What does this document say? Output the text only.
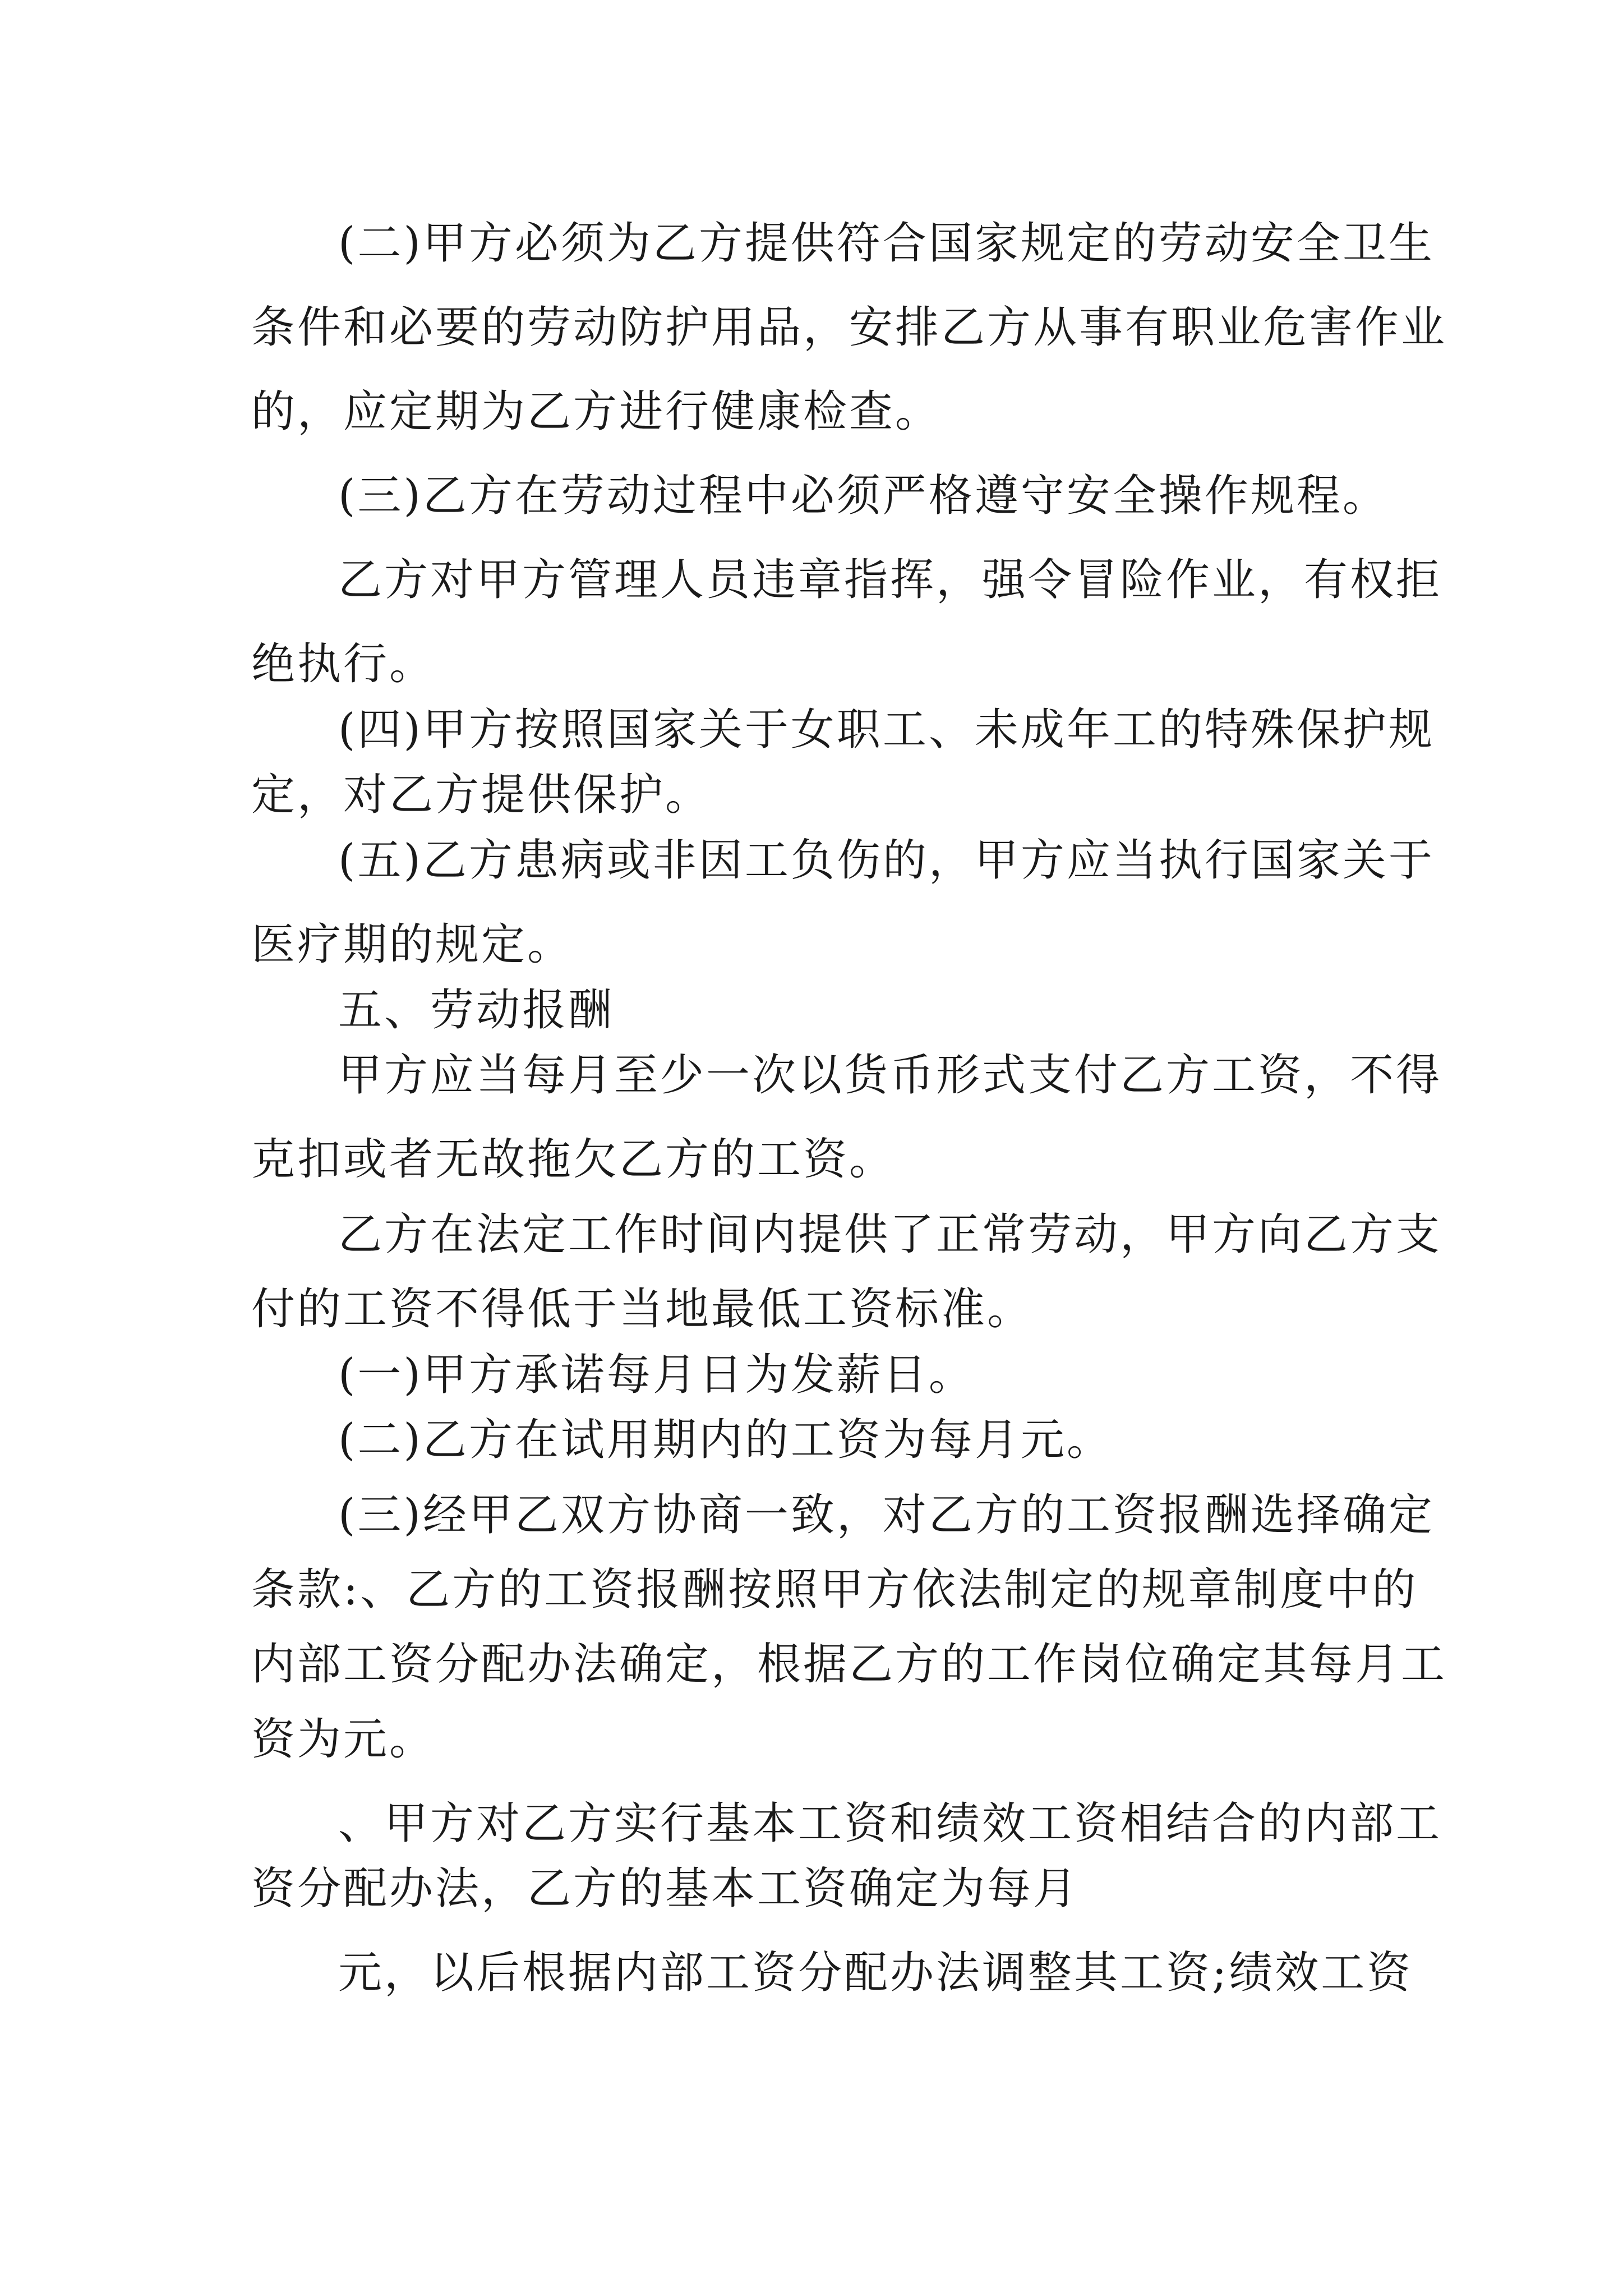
(二)甲方必须为乙方提供符合国家规定的劳动安全卫生
条件和必要的劳动防护用品，安排乙方从事有职业危害作业
的，应定期为乙方进行健康检查。
(三)乙方在劳动过程中必须严格遵守安全操作规程。
乙方对甲方管理人员违章指挥，强令冒险作业，有权拒
绝执行。
(四)甲方按照国家关于女职工、未成年工的特殊保护规
定，对乙方提供保护。
(五)乙方患病或非因工负伤的，甲方应当执行国家关于
医疗期的规定。
五、劳动报酬
甲方应当每月至少一次以货币形式支付乙方工资，不得
克扣或者无故拖欠乙方的工资。
乙方在法定工作时间内提供了正常劳动，甲方向乙方支
付的工资不得低于当地最低工资标准。
(一)甲方承诺每月日为发薪日。
(二)乙方在试用期内的工资为每月元。
(三)经甲乙双方协商一致，对乙方的工资报酬选择确定
条款:、乙方的工资报酬按照甲方依法制定的规章制度中的
内部工资分配办法确定，根据乙方的工作岗位确定其每月工
资为元。
、甲方对乙方实行基本工资和绩效工资相结合的内部工
资分配办法，乙方的基本工资确定为每月
元，以后根据内部工资分配办法调整其工资;绩效工资
